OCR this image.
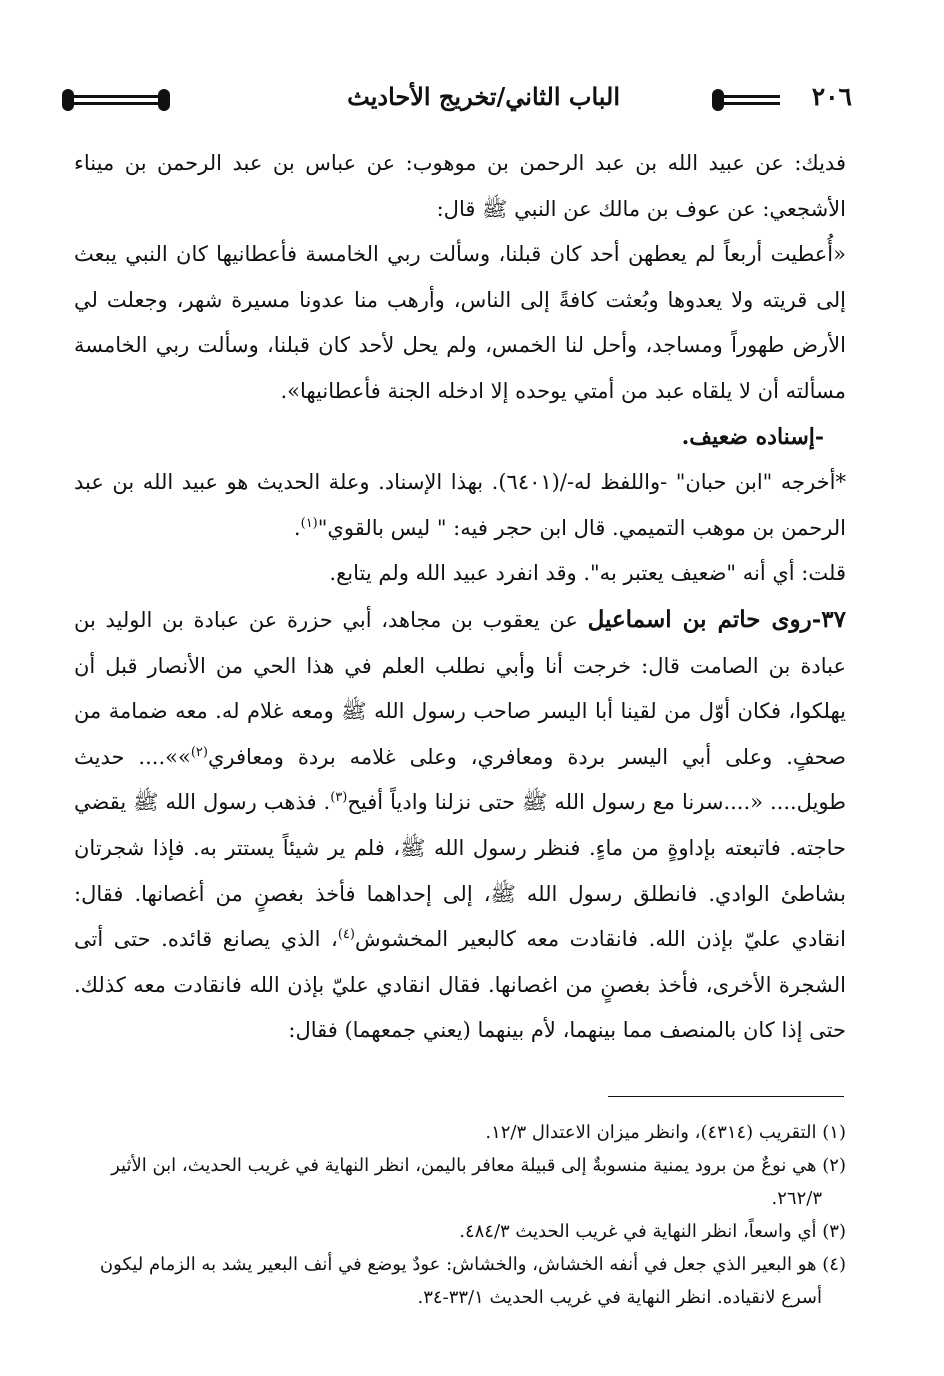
٢٠٦
الباب الثاني/تخريج الأحاديث

فديك: عن عبيد الله بن عبد الرحمن بن موهوب: عن عباس بن عبد الرحمن بن ميناء الأشجعي: عن عوف بن مالك عن النبي ﷺ قال:

«أُعطيت أربعاً لم يعطهن أحد كان قبلنا، وسألت ربي الخامسة فأعطانيها كان النبي يبعث إلى قريته ولا يعدوها وبُعثت كافةً إلى الناس، وأرهب منا عدونا مسيرة شهر، وجعلت لي الأرض طهوراً ومساجد، وأحل لنا الخمس، ولم يحل لأحد كان قبلنا، وسألت ربي الخامسة مسألته أن لا يلقاه عبد من أمتي يوحده إلا ادخله الجنة فأعطانيها».

-إسناده ضعيف.

*أخرجه "ابن حبان" -واللفظ له-/(٦٤٠١). بهذا الإسناد. وعلة الحديث هو عبيد الله بن عبد الرحمن بن موهب التميمي. قال ابن حجر فيه: " ليس بالقوي"$^{(١)}$.

قلت: أي أنه "ضعيف يعتبر به". وقد انفرد عبيد الله ولم يتابع.

٣٧-روى حاتم بن اسماعيل عن يعقوب بن مجاهد، أبي حزرة عن عبادة بن الوليد بن عبادة بن الصامت قال: خرجت أنا وأبي نطلب العلم في هذا الحي من الأنصار قبل أن يهلكوا، فكان أوّل من لقينا أبا اليسر صاحب رسول الله ﷺ ومعه غلام له. معه ضمامة من صحفٍ. وعلى أبي اليسر بردة ومعافري، وعلى غلامه بردة ومعافري$^{(٢)}$»».... حديث طويل.... «....سرنا مع رسول الله ﷺ حتى نزلنا وادياً أفيح$^{(٣)}$. فذهب رسول الله ﷺ يقضي حاجته. فاتبعته بإداوةٍ من ماءٍ. فنظر رسول الله ﷺ، فلم ير شيئاً يستتر به. فإذا شجرتان بشاطئ الوادي. فانطلق رسول الله ﷺ، إلى إحداهما فأخذ بغصنٍ من أغصانها. فقال: انقادي عليّ بإذن الله. فانقادت معه كالبعير المخشوش$^{(٤)}$، الذي يصانع قائده. حتى أتى الشجرة الأخرى، فأخذ بغصنٍ من اغصانها. فقال انقادي عليّ بإذن الله فانقادت معه كذلك. حتى إذا كان بالمنصف مما بينهما، لأم بينهما (يعني جمعهما) فقال:

(١) التقريب (٤٣١٤)، وانظر ميزان الاعتدال ١٢/٣.

(٢) هي نوعٌ من برود يمنية منسوبةٌ إلى قبيلة معافر باليمن، انظر النهاية في غريب الحديث، ابن الأثير

٢٦٢/٣.

(٣) أي واسعاً، انظر النهاية في غريب الحديث ٤٨٤/٣.

(٤) هو البعير الذي جعل في أنفه الخشاش، والخشاش: عودٌ يوضع في أنف البعير يشد به الزمام ليكون

أسرع لانقياده. انظر النهاية في غريب الحديث ٣٣/١-٣٤.
